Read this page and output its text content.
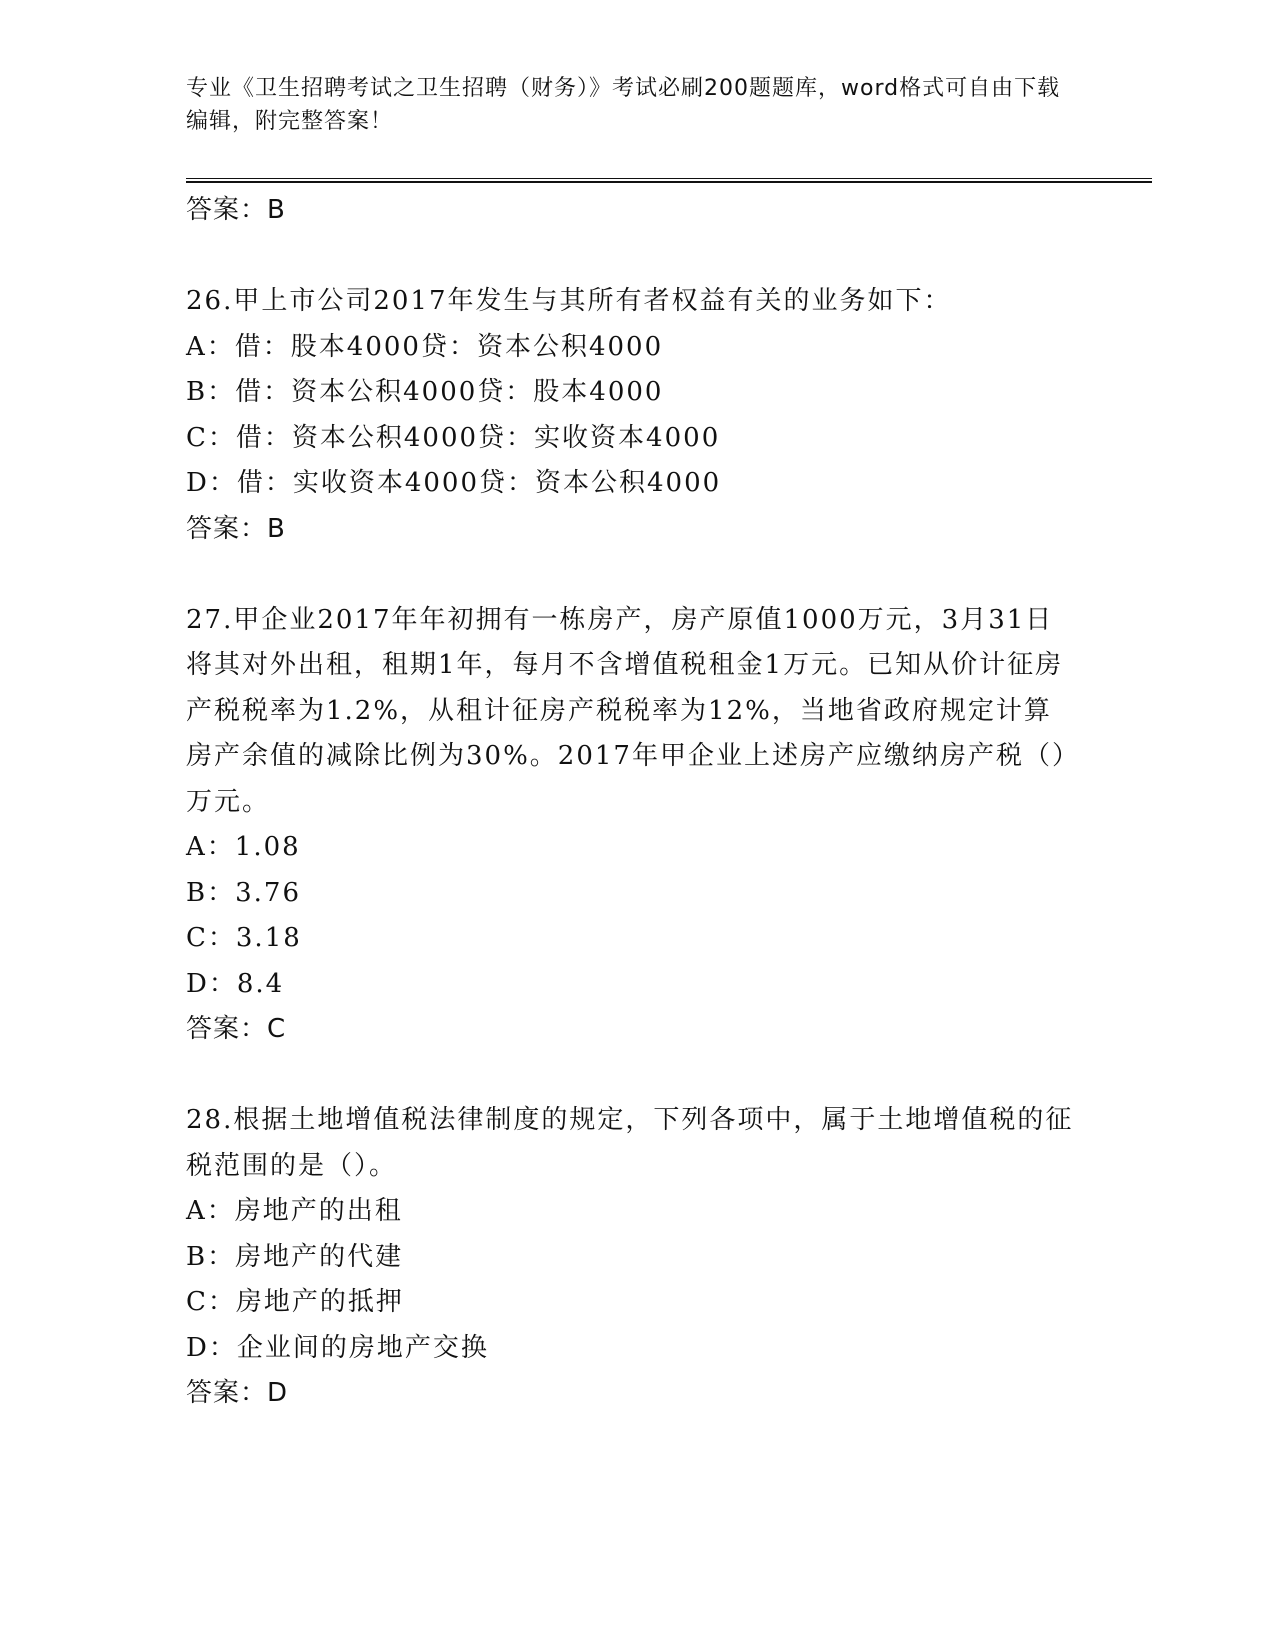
专业《卫生招聘考试之卫生招聘（财务）》考试必刷200题题库，word格式可自由下载编辑，附完整答案！
答案：B
26.甲上市公司2017年发生与其所有者权益有关的业务如下：
A：借：股本4000贷：资本公积4000
B：借：资本公积4000贷：股本4000
C：借：资本公积4000贷：实收资本4000
D：借：实收资本4000贷：资本公积4000
答案：B
27.甲企业2017年年初拥有一栋房产，房产原值1000万元，3月31日将其对外出租，租期1年，每月不含增值税租金1万元。已知从价计征房产税税率为1.2%，从租计征房产税税率为12%，当地省政府规定计算房产余值的减除比例为30%。2017年甲企业上述房产应缴纳房产税（）万元。
A：1.08
B：3.76
C：3.18
D：8.4
答案：C
28.根据土地增值税法律制度的规定，下列各项中，属于土地增值税的征税范围的是（）。
A：房地产的出租
B：房地产的代建
C：房地产的抵押
D：企业间的房地产交换
答案：D
